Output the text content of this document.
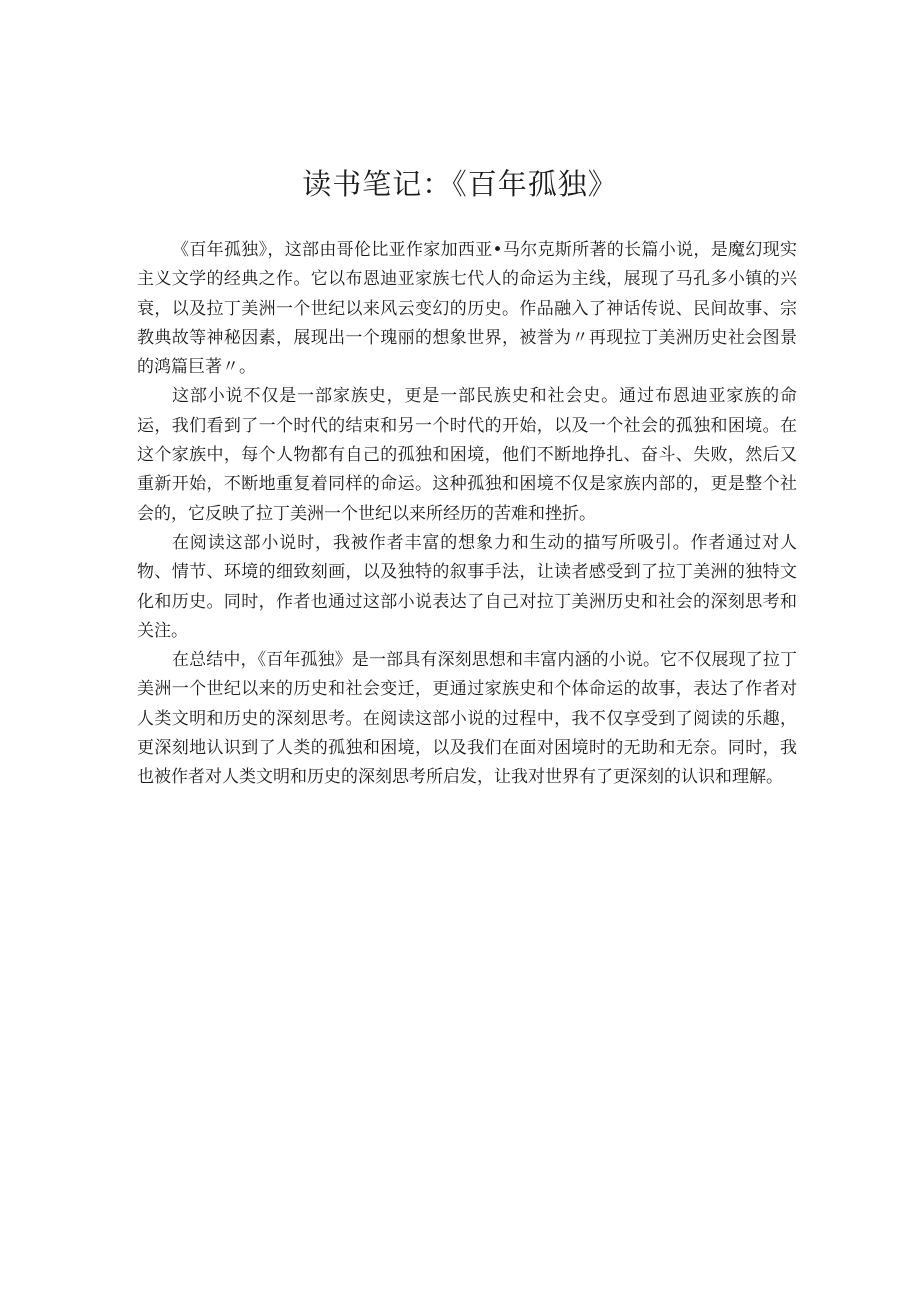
读书笔记：《百年孤独》

《百年孤独》，这部由哥伦比亚作家加西亚•马尔克斯所著的长篇小说，是魔幻现实主义文学的经典之作。它以布恩迪亚家族七代人的命运为主线，展现了马孔多小镇的兴衰，以及拉丁美洲一个世纪以来风云变幻的历史。作品融入了神话传说、民间故事、宗教典故等神秘因素，展现出一个瑰丽的想象世界，被誉为〃再现拉丁美洲历史社会图景的鸿篇巨著〃。

这部小说不仅是一部家族史，更是一部民族史和社会史。通过布恩迪亚家族的命运，我们看到了一个时代的结束和另一个时代的开始，以及一个社会的孤独和困境。在这个家族中，每个人物都有自己的孤独和困境，他们不断地挣扎、奋斗、失败，然后又重新开始，不断地重复着同样的命运。这种孤独和困境不仅是家族内部的，更是整个社会的，它反映了拉丁美洲一个世纪以来所经历的苦难和挫折。

在阅读这部小说时，我被作者丰富的想象力和生动的描写所吸引。作者通过对人物、情节、环境的细致刻画，以及独特的叙事手法，让读者感受到了拉丁美洲的独特文化和历史。同时，作者也通过这部小说表达了自己对拉丁美洲历史和社会的深刻思考和关注。

在总结中，《百年孤独》是一部具有深刻思想和丰富内涵的小说。它不仅展现了拉丁美洲一个世纪以来的历史和社会变迁，更通过家族史和个体命运的故事，表达了作者对人类文明和历史的深刻思考。在阅读这部小说的过程中，我不仅享受到了阅读的乐趣，更深刻地认识到了人类的孤独和困境，以及我们在面对困境时的无助和无奈。同时，我也被作者对人类文明和历史的深刻思考所启发，让我对世界有了更深刻的认识和理解。
